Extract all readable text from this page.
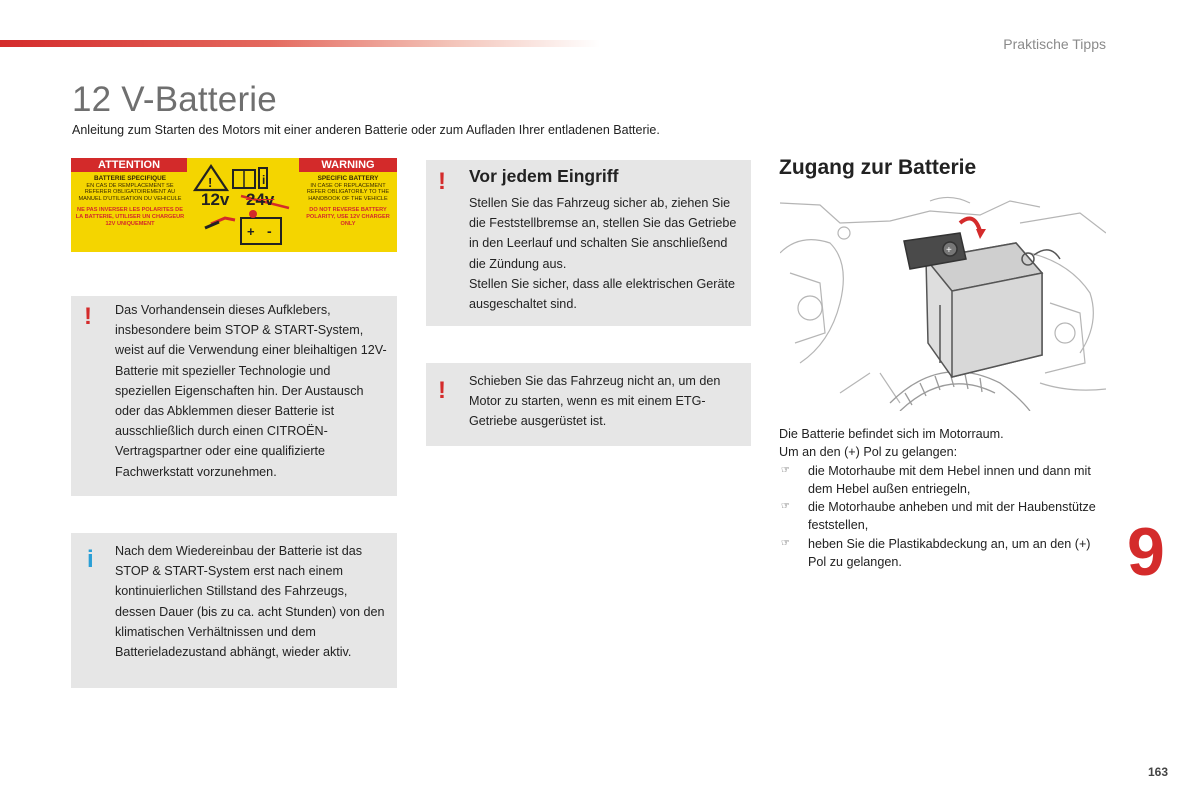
Praktische Tipps
12 V-Batterie
Anleitung zum Starten des Motors mit einer anderen Batterie oder zum Aufladen Ihrer entladenen Batterie.
ATTENTION	WARNING
BATTERIE SPECIFIQUE
EN CAS DE REMPLACEMENT SE REFERER OBLIGATOIREMENT AU MANUEL D'UTILISATION DU VEHICULE
NE PAS INVERSER LES POLARITES DE LA BATTERIE, UTILISER UN CHARGEUR 12V UNIQUEMENT
SPECIFIC BATTERY
IN CASE OF REPLACEMENT REFER OBLIGATORILY TO THE HANDBOOK OF THE VEHICLE
DO NOT REVERSE BATTERY POLARITY, USE 12V CHARGER ONLY
!	i
+ -
12v 24v
! Das Vorhandensein dieses Aufklebers, insbesondere beim STOP & START-System, weist auf die Verwendung einer bleihaltigen 12V-Batterie mit spezieller Technologie und speziellen Eigenschaften hin. Der Austausch oder das Abklemmen dieser Batterie ist ausschließlich durch einen CITROËN-Vertragspartner oder eine qualifizierte Fachwerkstatt vorzunehmen.
i Nach dem Wiedereinbau der Batterie ist das STOP & START-System erst nach einem kontinuierlichen Stillstand des Fahrzeugs, dessen Dauer (bis zu ca. acht Stunden) von den klimatischen Verhältnissen und dem Batterieladezustand abhängt, wieder aktiv.
! Vor jedem Eingriff
Stellen Sie das Fahrzeug sicher ab, ziehen Sie die Feststellbremse an, stellen Sie das Getriebe in den Leerlauf und schalten Sie anschließend die Zündung aus.
Stellen Sie sicher, dass alle elektrischen Geräte ausgeschaltet sind.
! Schieben Sie das Fahrzeug nicht an, um den Motor zu starten, wenn es mit einem ETG-Getriebe ausgerüstet ist.
Zugang zur Batterie
+
Die Batterie befindet sich im Motorraum.
Um an den (+) Pol zu gelangen:
☞ die Motorhaube mit dem Hebel innen und dann mit dem Hebel außen entriegeln,
☞ die Motorhaube anheben und mit der Haubenstütze feststellen,
☞ heben Sie die Plastikabdeckung an, um an den (+) Pol zu gelangen.	9
163
